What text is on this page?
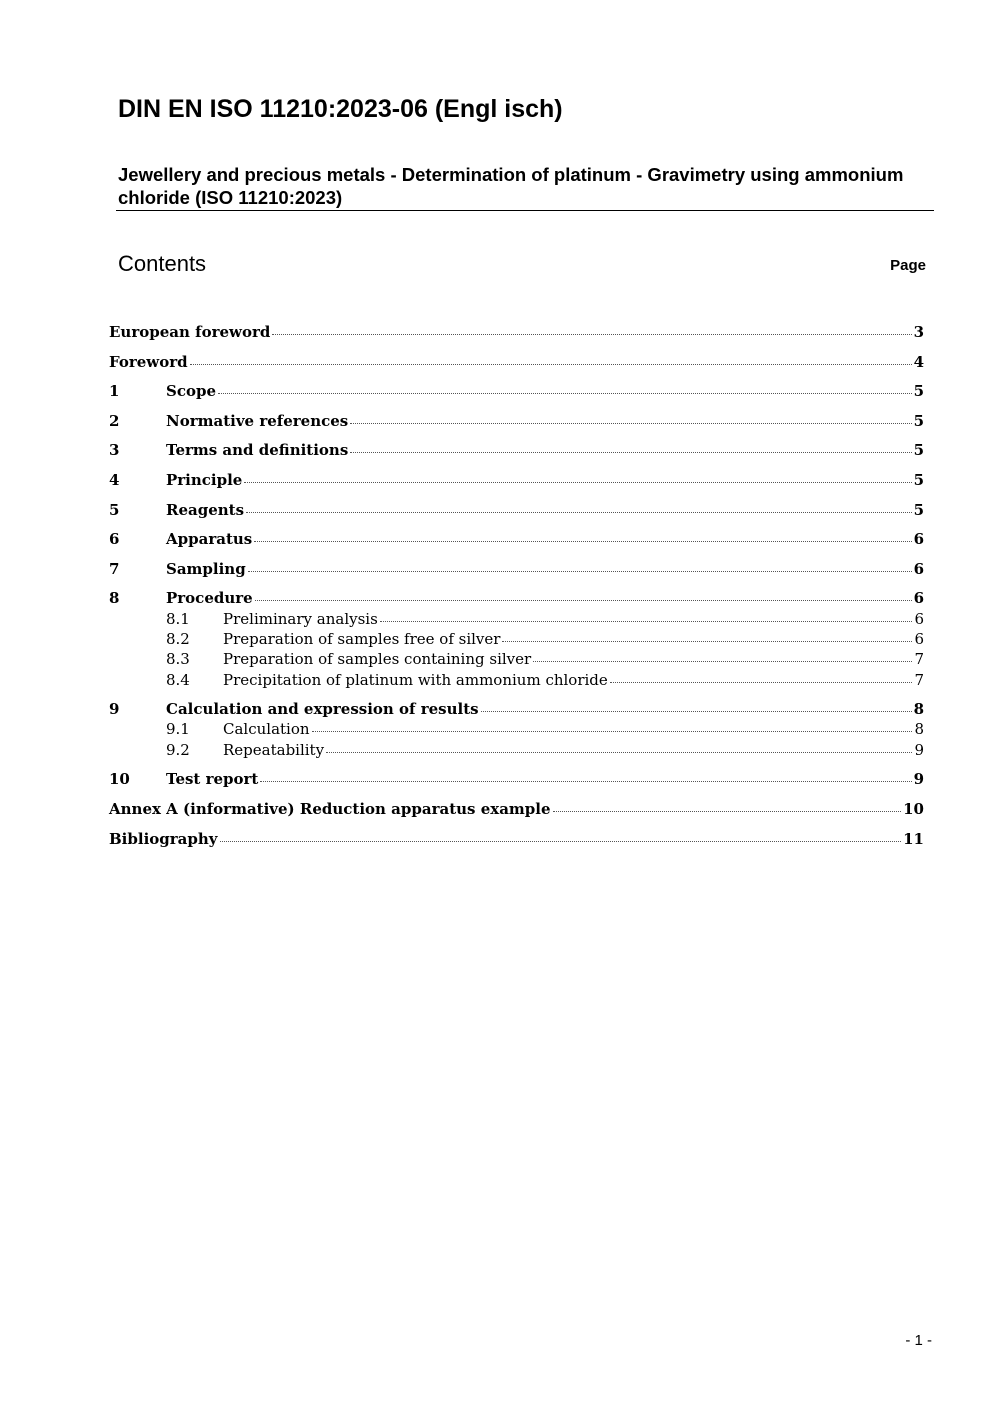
DIN EN ISO 11210:2023-06 (Engl isch)
Jewellery and precious metals - Determination of platinum - Gravimetry using ammonium chloride (ISO 11210:2023)
Contents	Page
European foreword	3
Foreword	4
1	Scope	5
2	Normative references	5
3	Terms and definitions	5
4	Principle	5
5	Reagents	5
6	Apparatus	6
7	Sampling	6
8	Procedure	6
8.1	Preliminary analysis	6
8.2	Preparation of samples free of silver	6
8.3	Preparation of samples containing silver	7
8.4	Precipitation of platinum with ammonium chloride	7
9	Calculation and expression of results	8
9.1	Calculation	8
9.2	Repeatability	9
10	Test report	9
Annex A (informative) Reduction apparatus example	10
Bibliography	11
- 1 -
